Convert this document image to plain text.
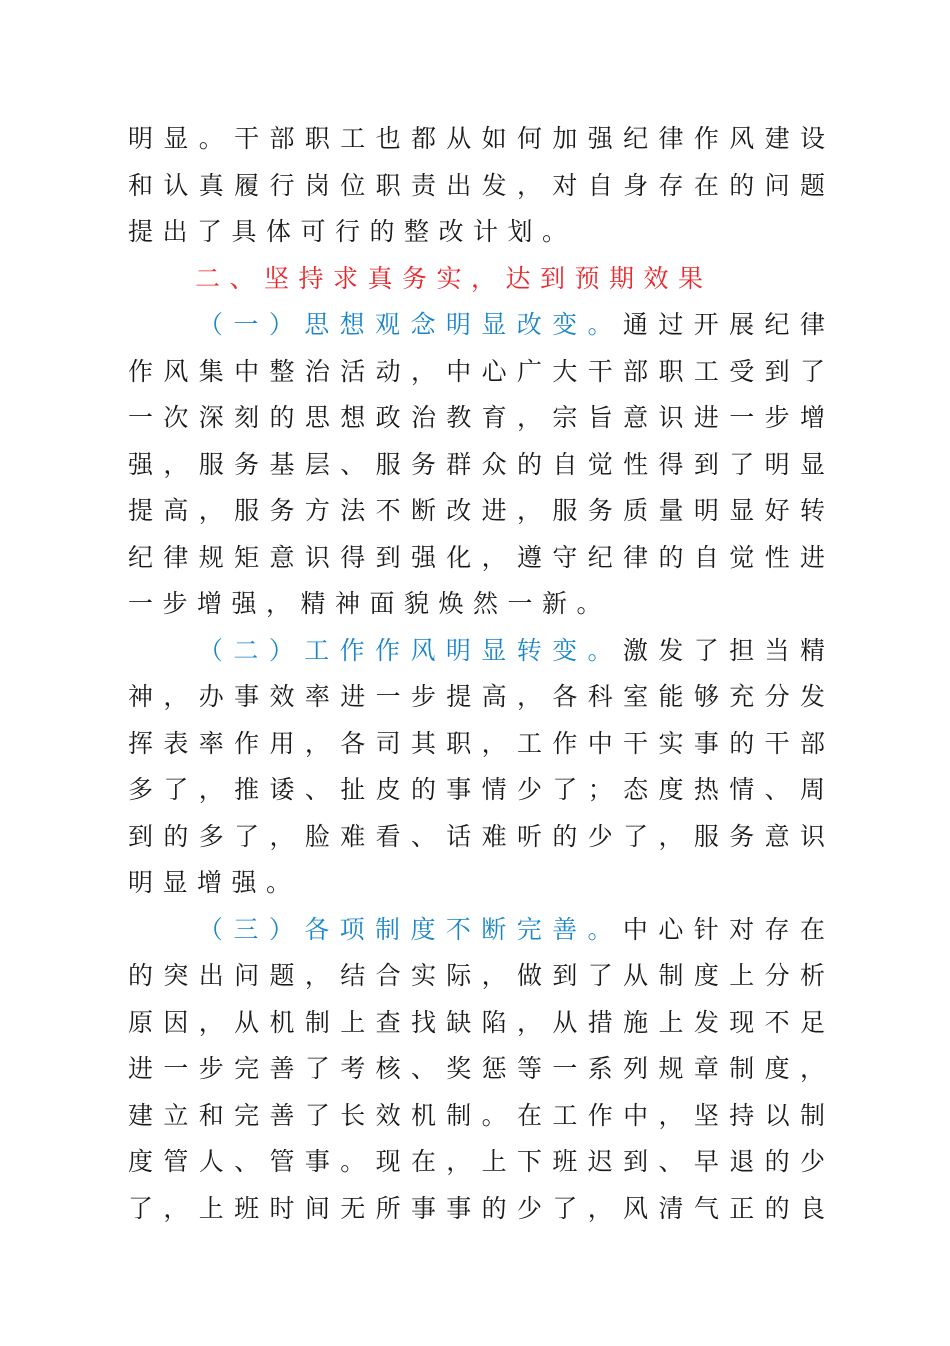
明显。干部职工也都从如何加强纪律作风建设

和认真履行岗位职责出发，对自身存在的问题

提出了具体可行的整改计划。

二、坚持求真务实，达到预期效果

（一）思想观念明显改变。通过开展纪律

作风集中整治活动，中心广大干部职工受到了

一次深刻的思想政治教育，宗旨意识进一步增

强，服务基层、服务群众的自觉性得到了明显

提高，服务方法不断改进，服务质量明显好转

纪律规矩意识得到强化，遵守纪律的自觉性进

一步增强，精神面貌焕然一新。

（二）工作作风明显转变。激发了担当精

神，办事效率进一步提高，各科室能够充分发

挥表率作用，各司其职，工作中干实事的干部

多了，推诿、扯皮的事情少了；态度热情、周

到的多了，脸难看、话难听的少了，服务意识

明显增强。

（三）各项制度不断完善。中心针对存在

的突出问题，结合实际，做到了从制度上分析

原因，从机制上查找缺陷，从措施上发现不足

进一步完善了考核、奖惩等一系列规章制度，

建立和完善了长效机制。在工作中，坚持以制

度管人、管事。现在，上下班迟到、早退的少

了，上班时间无所事事的少了，风清气正的良
